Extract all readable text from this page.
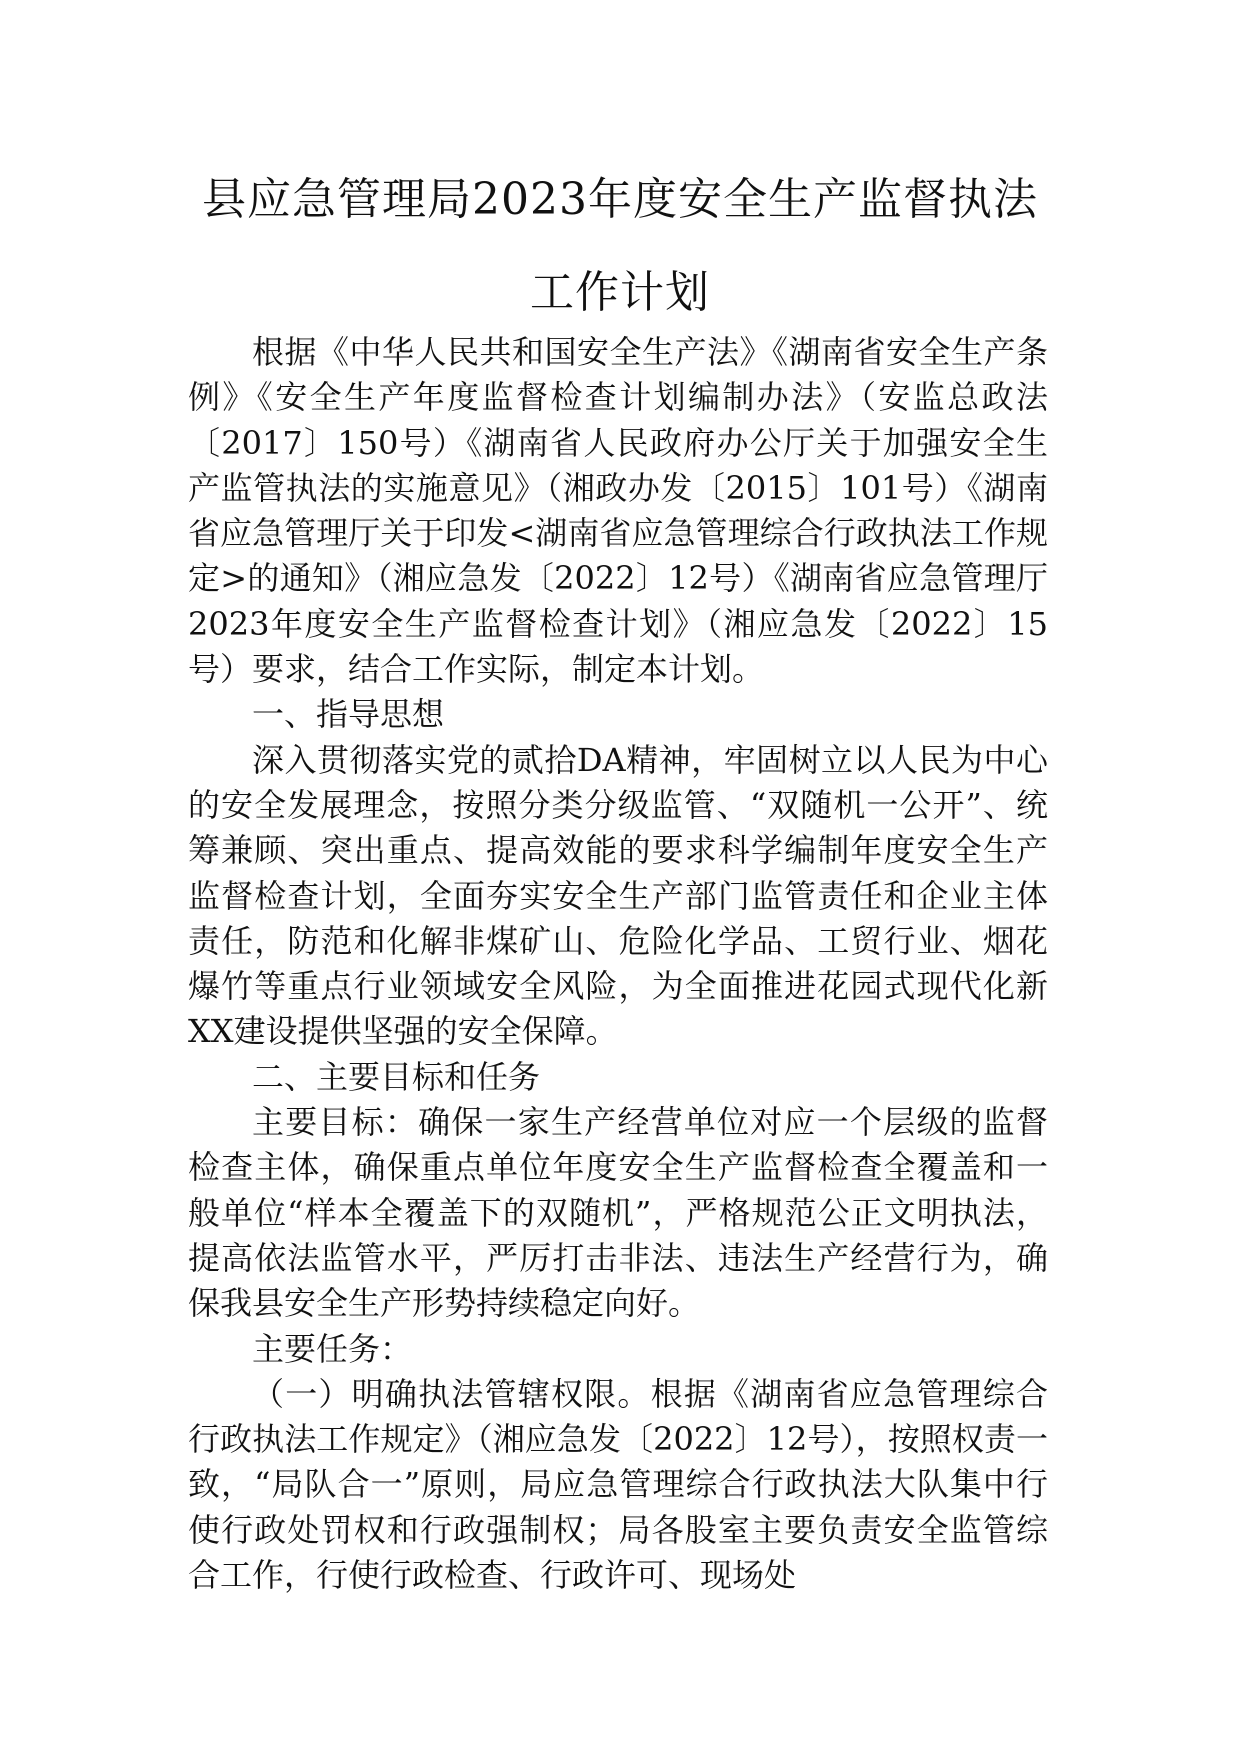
县应急管理局2023年度安全生产监督执法
工作计划

根据《中华人民共和国安全生产法》《湖南省安全生产条例》《安全生产年度监督检查计划编制办法》（安监总政法〔2017〕150号）《湖南省人民政府办公厅关于加强安全生产监管执法的实施意见》（湘政办发〔2015〕101号）《湖南省应急管理厅关于印发<湖南省应急管理综合行政执法工作规定>的通知》（湘应急发〔2022〕12号）《湖南省应急管理厅2023年度安全生产监督检查计划》（湘应急发〔2022〕15号）要求，结合工作实际，制定本计划。

一、指导思想

深入贯彻落实党的贰拾DA精神，牢固树立以人民为中心的安全发展理念，按照分类分级监管、“双随机一公开”、统筹兼顾、突出重点、提高效能的要求科学编制年度安全生产监督检查计划，全面夯实安全生产部门监管责任和企业主体责任，防范和化解非煤矿山、危险化学品、工贸行业、烟花爆竹等重点行业领域安全风险，为全面推进花园式现代化新XX建设提供坚强的安全保障。

二、主要目标和任务

主要目标：确保一家生产经营单位对应一个层级的监督检查主体，确保重点单位年度安全生产监督检查全覆盖和一般单位“样本全覆盖下的双随机”，严格规范公正文明执法，提高依法监管水平，严厉打击非法、违法生产经营行为，确保我县安全生产形势持续稳定向好。

主要任务：

（一）明确执法管辖权限。根据《湖南省应急管理综合行政执法工作规定》（湘应急发〔2022〕12号），按照权责一致，“局队合一”原则，局应急管理综合行政执法大队集中行使行政处罚权和行政强制权；局各股室主要负责安全监管综合工作，行使行政检查、行政许可、现场处
